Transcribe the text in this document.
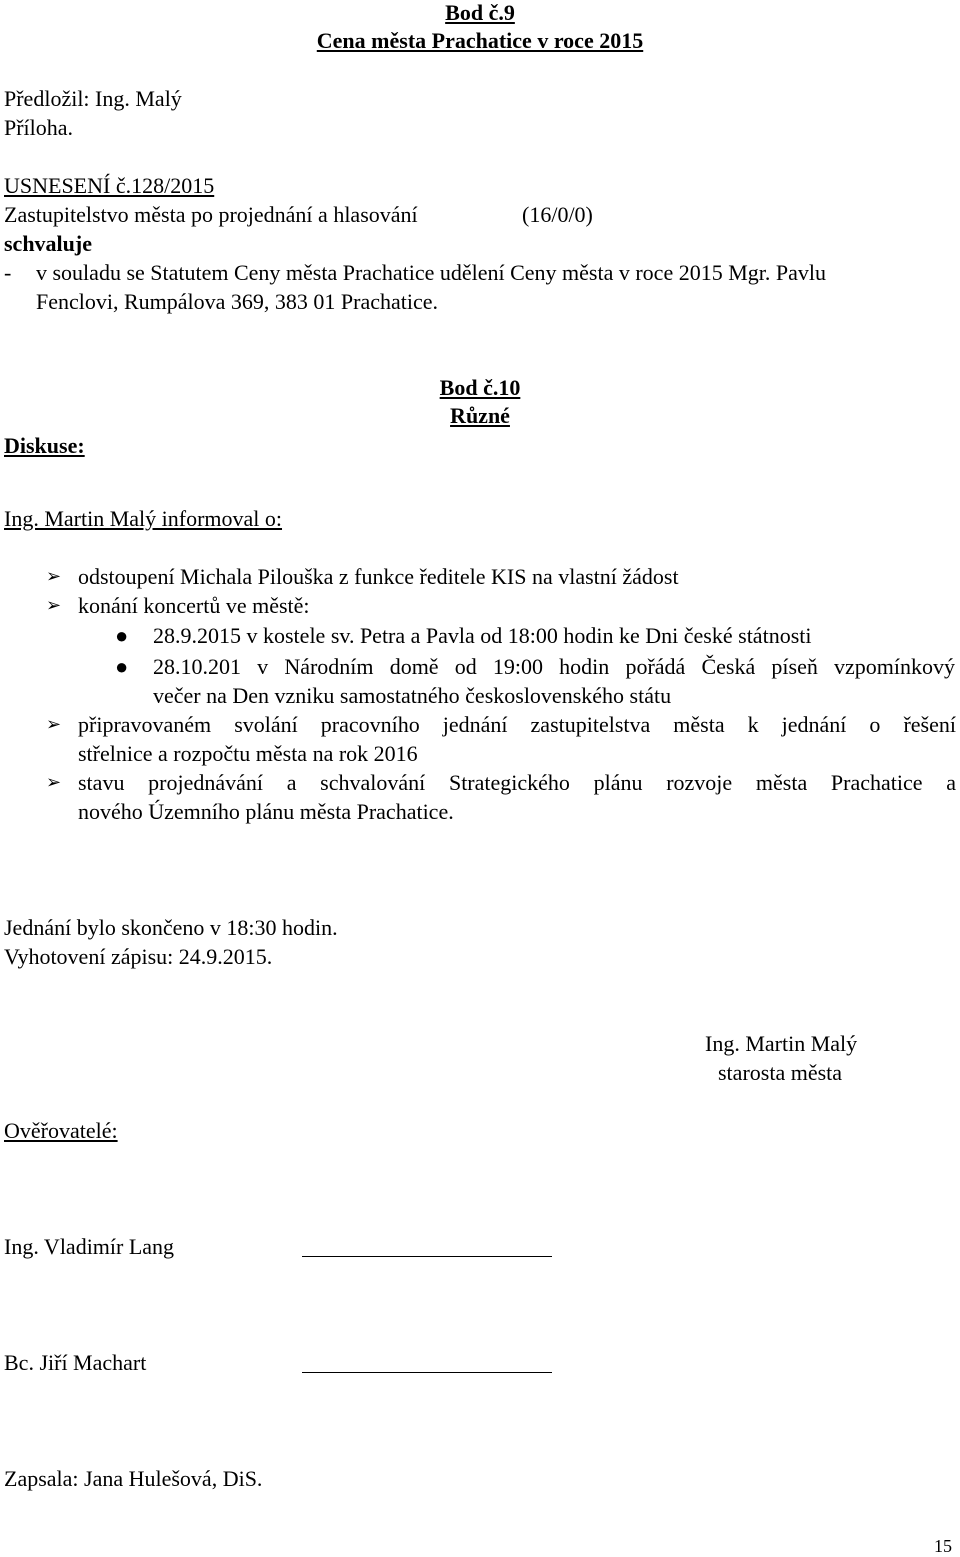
Bod č.9
Cena města Prachatice v roce 2015
Předložil: Ing. Malý
Příloha.
USNESENÍ č.128/2015
Zastupitelstvo města po projednání a hlasování	(16/0/0)
schvaluje
- v souladu se Statutem Ceny města Prachatice udělení Ceny města v roce 2015 Mgr. Pavlu
Fenclovi, Rumpálova 369, 383 01 Prachatice.
Bod č.10
Různé
Diskuse:
Ing. Martin Malý informoval o:
➢ odstoupení Michala Pilouška z funkce ředitele KIS na vlastní žádost
➢ konání koncertů ve městě:
● 28.9.2015 v kostele sv. Petra a Pavla od 18:00 hodin ke Dni české státnosti
● 28.10.201 v Národním domě od 19:00 hodin pořádá Česká píseň vzpomínkový
večer na Den vzniku samostatného československého státu
➢ připravovaném svolání pracovního jednání zastupitelstva města k jednání o řešení
střelnice a rozpočtu města na rok 2016
➢ stavu projednávání a schvalování Strategického plánu rozvoje města Prachatice a
nového Územního plánu města Prachatice.
Jednání bylo skončeno v 18:30 hodin.
Vyhotovení zápisu: 24.9.2015.
Ing. Martin Malý
starosta města
Ověřovatelé:
Ing. Vladimír Lang
Bc. Jiří Machart
Zapsala: Jana Hulešová, DiS.
15
